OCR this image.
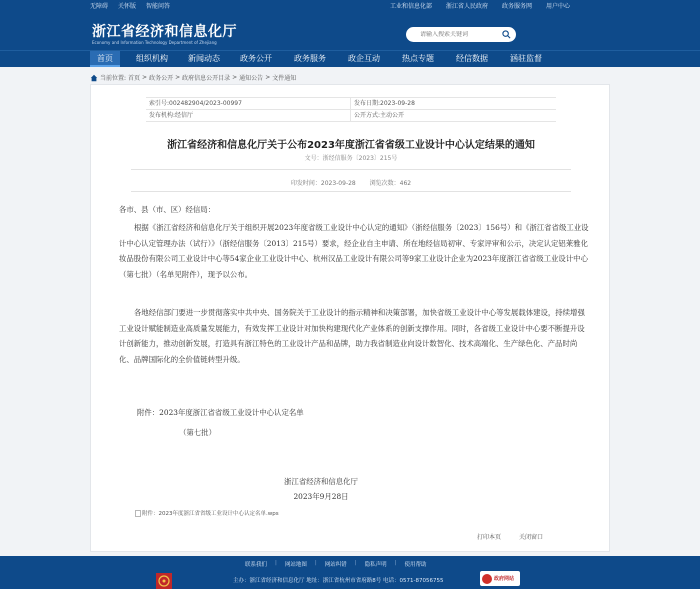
无障碍 关怀版 智能问答	工业和信息化部 浙江省人民政府 政务服务网 用户中心
浙江省经济和信息化厅
Economy and Information Technology Department of Zhejiang
请输入搜索关键词
首页	组织机构	新闻动态	政务公开	政务服务	政企互动	热点专题	经信数据	涵驻监督
当前位置: 首页 > 政务公开 > 政府信息公开目录 > 通知公告 > 文件通知
索引号:002482904/2023-00997	发布日期:2023-09-28
发布机构:经信厅	公开方式:主动公开
浙江省经济和信息化厅关于公布2023年度浙江省省级工业设计中心认定结果的通知
文号：浙经信服务〔2023〕215号
印发时间：2023-09-28 浏览次数：462
各市、县（市、区）经信局：
根据《浙江省经济和信息化厅关于组织开展2023年度省级工业设计中心认定的通知》（浙经信服务〔2023〕156号）和《浙江省省级工业设计中心认定管理办法（试行）》（浙经信服务〔2013〕215号）要求，经企业自主申请、所在地经信局初审、专家评审和公示，决定认定铝莱雅化妆品股份有限公司工业设计中心等54家企业工业设计中心、杭州汉品工业设计有限公司等9家工业设计企业为2023年度浙江省省级工业设计中心（第七批）（名单见附件），现予以公布。
各地经信部门要进一步贯彻落实中共中央、国务院关于工业设计的指示精神和决策部署，加快省级工业设计中心等发展载体建设，持续增强工业设计赋能制造业高质量发展能力，有效发挥工业设计对加快构建现代化产业体系的创新支撑作用。同时，各省级工业设计中心要不断提升设计创新能力，推动创新发展，打造具有浙江特色的工业设计产品和品牌，助力我省制造业向设计数智化、技术高端化、生产绿色化、产品时尚化、品牌国际化的全价值链转型升级。
附件：2023年度浙江省省级工业设计中心认定名单
（第七批）
浙江省经济和信息化厅
2023年9月28日
附件：2023年度浙江省省级工业设计中心认定名单.wps
打印本页	关闭窗口
联系我们 | 网站地图 | 网站纠错 | 隐私声明 | 使用帮助
主办：浙江省经济和信息化厅 地址：浙江省杭州市省府路8号 电话：0571-87056755	政府网站
